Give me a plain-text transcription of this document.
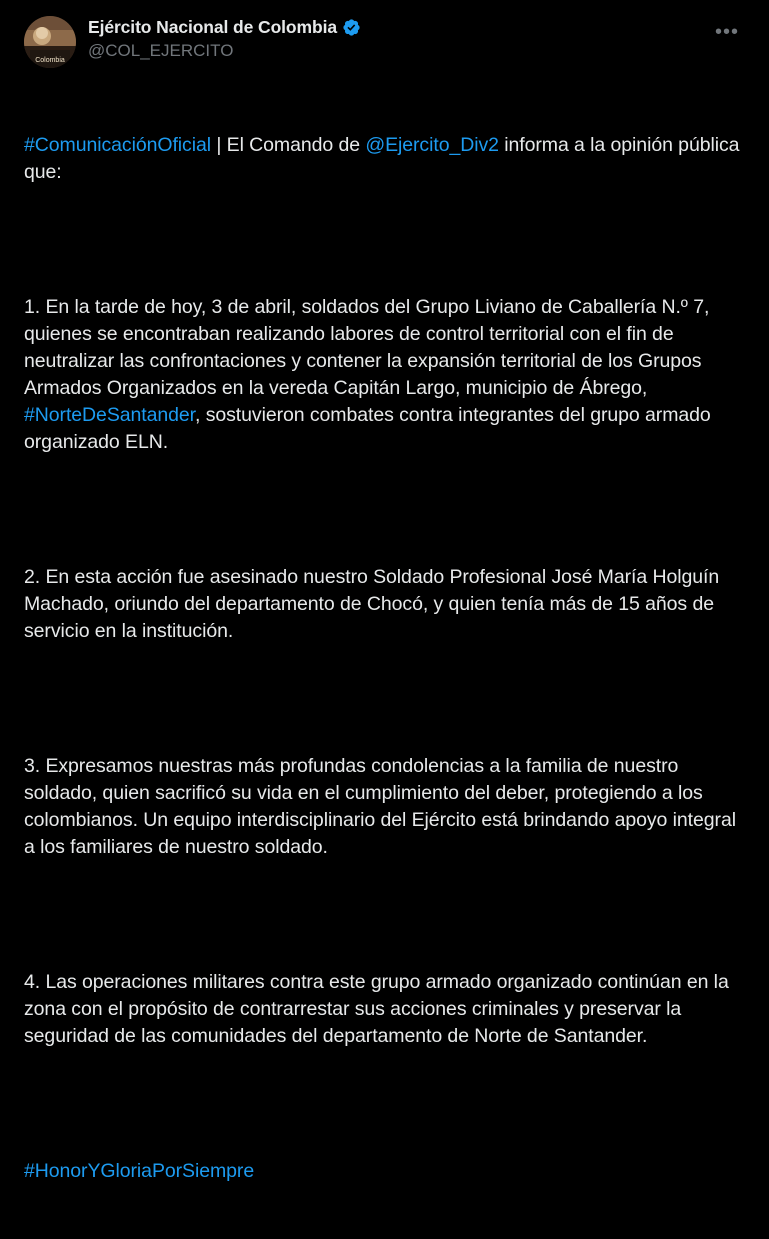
Colombia
Ejército Nacional de Colombia
@COL_EJERCITO
•••

#ComunicaciónOficial | El Comando de @Ejercito_Div2 informa a la opinión pública que:

1. En la tarde de hoy, 3 de abril, soldados del Grupo Liviano de Caballería N.º 7, quienes se encontraban realizando labores de control territorial con el fin de neutralizar las confrontaciones y contener la expansión territorial de los Grupos Armados Organizados en la vereda Capitán Largo, municipio de Ábrego, #NorteDeSantander, sostuvieron combates contra integrantes del grupo armado organizado ELN.

2. En esta acción fue asesinado nuestro Soldado Profesional José María Holguín Machado, oriundo del departamento de Chocó, y quien tenía más de 15 años de servicio en la institución.

3. Expresamos nuestras más profundas condolencias a la familia de nuestro soldado, quien sacrificó su vida en el cumplimiento del deber, protegiendo a los colombianos. Un equipo interdisciplinario del Ejército está brindando apoyo integral a los familiares de nuestro soldado.

4. Las operaciones militares contra este grupo armado organizado continúan en la zona con el propósito de contrarrestar sus acciones criminales y preservar la seguridad de las comunidades del departamento de Norte de Santander.

#HonorYGloriaPorSiempre
